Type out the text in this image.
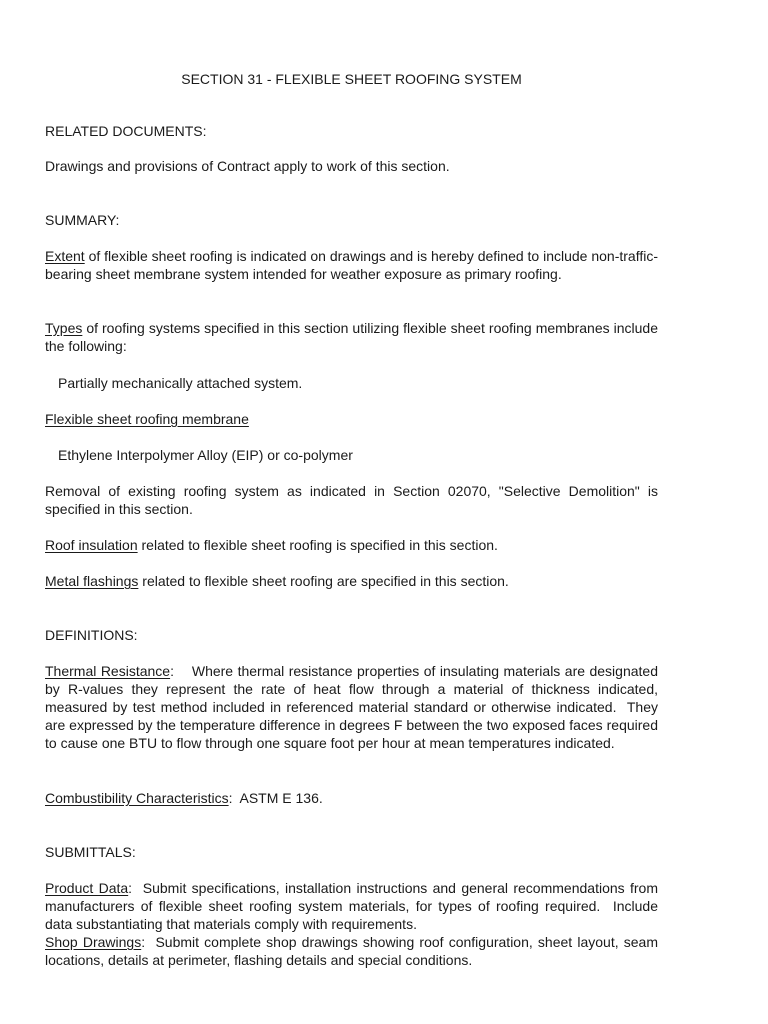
SECTION 31 - FLEXIBLE SHEET ROOFING SYSTEM

RELATED DOCUMENTS:

Drawings and provisions of Contract apply to work of this section.

SUMMARY:

Extent of flexible sheet roofing is indicated on drawings and is hereby defined to include non-traffic-bearing sheet membrane system intended for weather exposure as primary roofing.

Types of roofing systems specified in this section utilizing flexible sheet roofing membranes include the following:

Partially mechanically attached system.

Flexible sheet roofing membrane

Ethylene Interpolymer Alloy (EIP) or co-polymer

Removal of existing roofing system as indicated in Section 02070, "Selective Demolition" is specified in this section.

Roof insulation related to flexible sheet roofing is specified in this section.

Metal flashings related to flexible sheet roofing are specified in this section.

DEFINITIONS:

Thermal Resistance:    Where thermal resistance properties of insulating materials are designated by R-values they represent the rate of heat flow through a material of thickness indicated, measured by test method included in referenced material standard or otherwise indicated.  They are expressed by the temperature difference in degrees F between the two exposed faces required to cause one BTU to flow through one square foot per hour at mean temperatures indicated.

Combustibility Characteristics:  ASTM E 136.

SUBMITTALS:

Product Data:  Submit specifications, installation instructions and general recommendations from manufacturers of flexible sheet roofing system materials, for types of roofing required.  Include data substantiating that materials comply with requirements.

Shop Drawings:  Submit complete shop drawings showing roof configuration, sheet layout, seam locations, details at perimeter, flashing details and special conditions.
